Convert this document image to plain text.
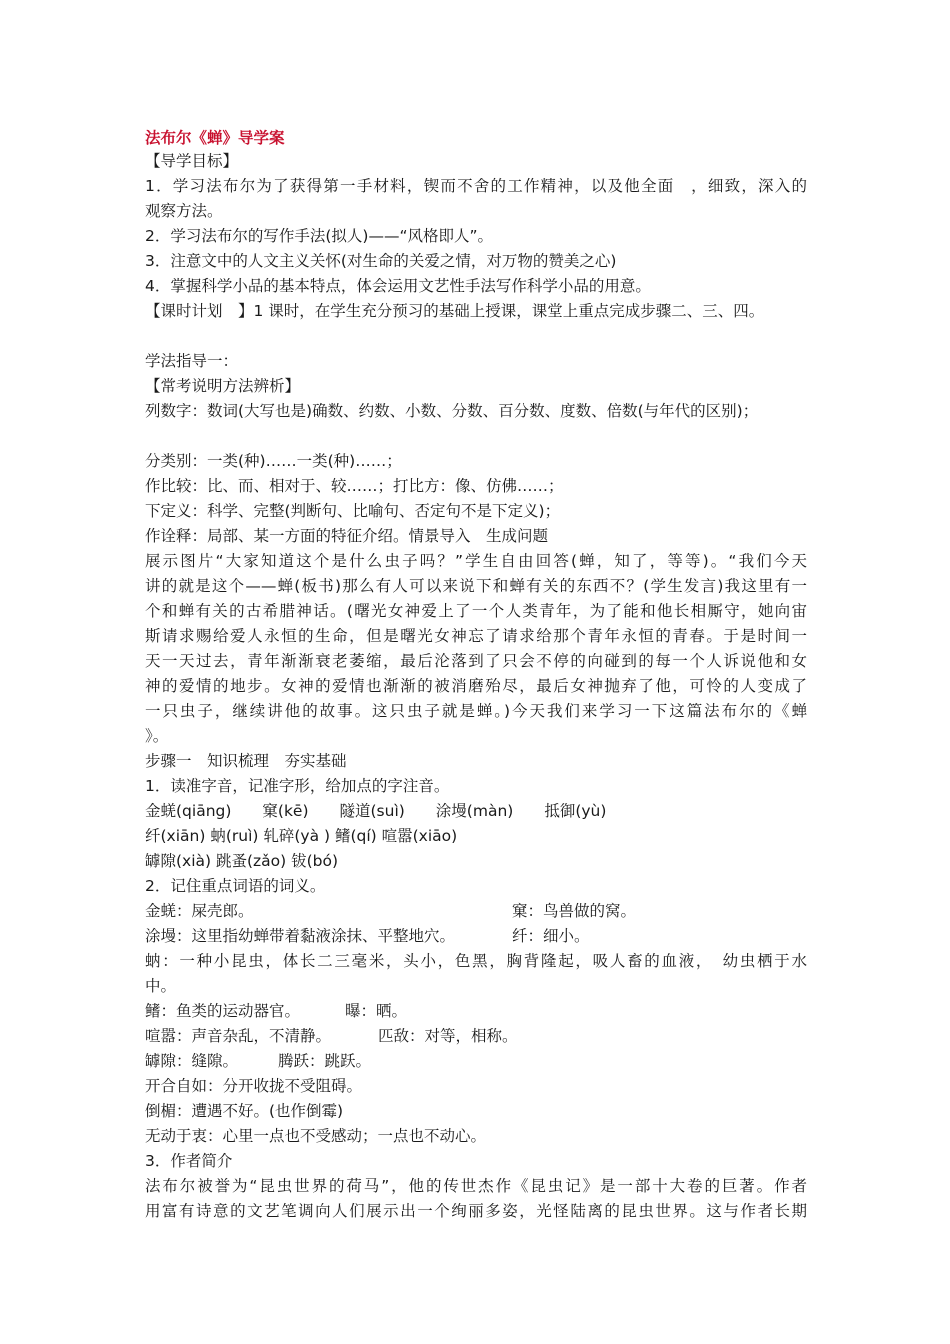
法布尔《蝉》导学案
【导学目标】
1．学习法布尔为了获得第一手材料，锲而不舍的工作精神，以及他全面　，细致，深入的
观察方法。
2．学习法布尔的写作手法(拟人)——“风格即人”。
3．注意文中的人文主义关怀(对生命的关爱之情，对万物的赞美之心)
4．掌握科学小品的基本特点，体会运用文艺性手法写作科学小品的用意。
【课时计划　】1 课时，在学生充分预习的基础上授课，课堂上重点完成步骤二、三、四。
学法指导一：
【常考说明方法辨析】
列数字：数词(大写也是)确数、约数、小数、分数、百分数、度数、倍数(与年代的区别)；
分类别：一类(种)……一类(种)……；
作比较：比、而、相对于、较……；打比方：像、仿佛……；
下定义：科学、完整(判断句、比喻句、否定句不是下定义)；
作诠释：局部、某一方面的特征介绍。情景导入　生成问题
展示图片“大家知道这个是什么虫子吗？”学生自由回答(蝉，知了，等等)。“我们今天
讲的就是这个——蝉(板书)那么有人可以来说下和蝉有关的东西不？(学生发言)我这里有一
个和蝉有关的古希腊神话。(曙光女神爱上了一个人类青年，为了能和他长相厮守，她向宙
斯请求赐给爱人永恒的生命，但是曙光女神忘了请求给那个青年永恒的青春。于是时间一
天一天过去，青年渐渐衰老萎缩，最后沦落到了只会不停的向碰到的每一个人诉说他和女
神的爱情的地步。女神的爱情也渐渐的被消磨殆尽，最后女神抛弃了他，可怜的人变成了
一只虫子，继续讲他的故事。这只虫子就是蝉。)今天我们来学习一下这篇法布尔的《蝉
》。
步骤一　知识梳理　夯实基础
1．读准字音，记准字形，给加点的字注音。
金蜣(qiāng)　　窠(kē)　　隧道(suì)　　涂墁(màn)　　抵御(yù)
纤(xiān) 蚋(ruì) 轧碎(yà ) 鳍(qí) 喧嚣(xiāo)
罅隙(xià) 跳蚤(zǎo) 钹(bó)
2．记住重点词语的词义。
金蜣：屎壳郎。	窠：鸟兽做的窝。
涂墁：这里指幼蝉带着黏液涂抹、平整地穴。	纤：细小。
蚋：一种小昆虫，体长二三毫米，头小，色黑，胸背隆起，吸人畜的血液，　幼虫栖于水
中。
鳍：鱼类的运动器官。	曝：晒。
喧嚣：声音杂乱，不清静。	匹敌：对等，相称。
罅隙：缝隙。	腾跃：跳跃。
开合自如：分开收拢不受阻碍。
倒楣：遭遇不好。(也作倒霉)
无动于衷：心里一点也不受感动；一点也不动心。
3．作者简介
法布尔被誉为“昆虫世界的荷马”，他的传世杰作《昆虫记》是一部十大卷的巨著。作者
用富有诗意的文艺笔调向人们展示出一个绚丽多姿，光怪陆离的昆虫世界。这与作者长期
